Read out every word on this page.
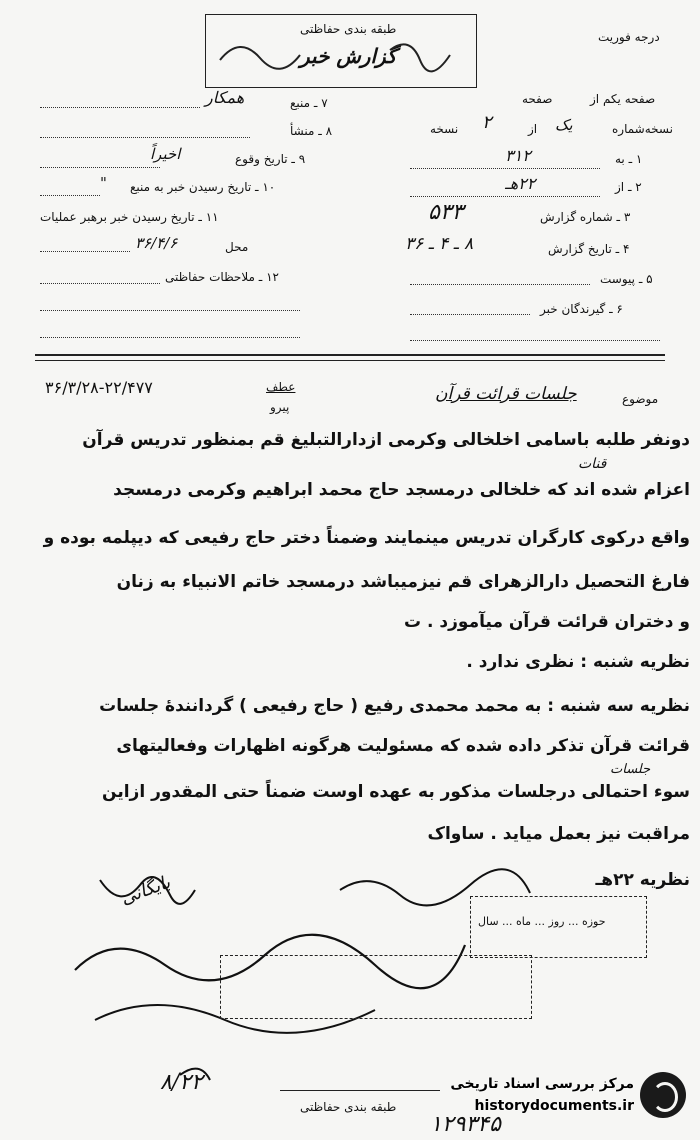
طبقه بندی حفاظتی
گزارش خبر
درجه فوریت
صفحه یکم از
صفحه
نسخه‌شماره
یک
از
۲
نسخه
۷ ـ منبع
همکار
۸ ـ منشأ
۹ ـ تاریخ وقوع
اخیراً
۱۰ ـ تاریخ رسیدن خبر به منبع
"
۱۱ ـ تاریخ رسیدن خبر برهبر عملیات
محل
۳۶/۴/۶
۱۲ ـ ملاحظات حفاظتی
۱ ـ به
۳۱۲
۲ ـ از
۲۲هـ
۳ ـ شماره گزارش
۵۳۳
۴ ـ تاریخ گزارش
۸ ـ ۴ ـ ۳۶
۵ ـ پیوست
۶ ـ گیرندگان خبر
موضوع
جلسات قرائت قرآن
۳۶/۳/۲۸-۲۲/۴۷۷	عطف
پیرو
دونفر طلبه باسامی اخلخالی وکرمی ازدارالتبلیغ قم بمنظور تدریس قرآن
قنات
اعزام شده اند که خلخالی درمسجد حاج محمد ابراهیم وکرمی درمسجد
واقع درکوی کارگران تدریس مینمایند وضمناً دختر حاج رفیعی که دیپلمه بوده و
فارغ التحصیل دارالزهرای قم نیزمیباشد درمسجد خاتم الانبیاء به زنان
و دختران قرائت قرآن میآموزد . ت
نظریه شنبه : نظری ندارد .
نظریه سه شنبه : به محمد محمدی رفیع ( حاج رفیعی ) گردانندۀ جلسات
قرائت قرآن تذکر داده شده که مسئولیت هرگونه اظهارات وفعالیتهای
جلسات
سوء احتمالی درجلسات مذکور به عهده اوست ضمناً حتی المقدور ازاین
مراقبت نیز بعمل میاید . ساواک
نظریه ۲۲هـ
حوزه‌ ... روز ... ماه ... سال
بایگانی
۸/۲۲
طبقه بندی حفاظتی
۱۲۹۳۴۵
مرکز بررسی اسناد تاریخی
historydocuments.ir
